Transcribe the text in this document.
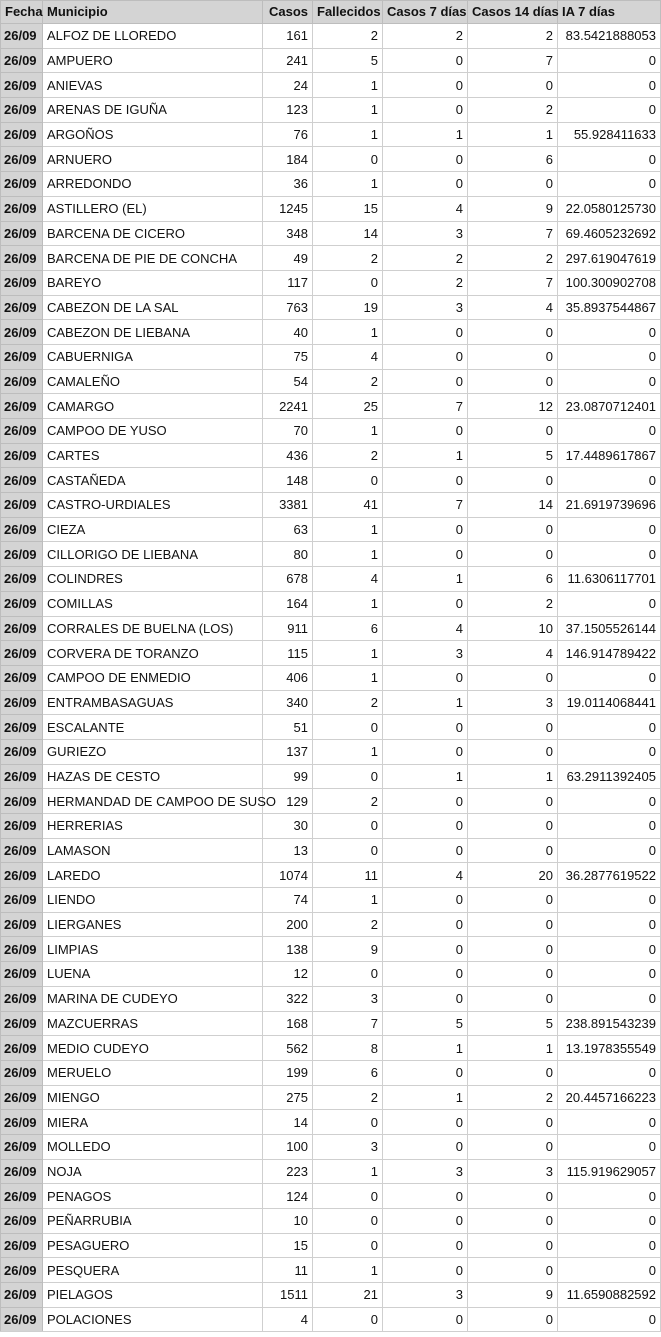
Fecha	Municipio	Casos	Fallecidos	Casos 7 días	Casos 14 días	IA 7 días
26/09	ALFOZ DE LLOREDO	161	2	2	2	83.5421888053
26/09	AMPUERO	241	5	0	7	0
26/09	ANIEVAS	24	1	0	0	0
26/09	ARENAS DE IGUÑA	123	1	0	2	0
26/09	ARGOÑOS	76	1	1	1	55.928411633
26/09	ARNUERO	184	0	0	6	0
26/09	ARREDONDO	36	1	0	0	0
26/09	ASTILLERO (EL)	1245	15	4	9	22.0580125730
26/09	BARCENA DE CICERO	348	14	3	7	69.4605232692
26/09	BARCENA DE PIE DE CONCHA	49	2	2	2	297.619047619
26/09	BAREYO	117	0	2	7	100.300902708
26/09	CABEZON DE LA SAL	763	19	3	4	35.8937544867
26/09	CABEZON DE LIEBANA	40	1	0	0	0
26/09	CABUERNIGA	75	4	0	0	0
26/09	CAMALEÑO	54	2	0	0	0
26/09	CAMARGO	2241	25	7	12	23.0870712401
26/09	CAMPOO DE YUSO	70	1	0	0	0
26/09	CARTES	436	2	1	5	17.4489617867
26/09	CASTAÑEDA	148	0	0	0	0
26/09	CASTRO-URDIALES	3381	41	7	14	21.6919739696
26/09	CIEZA	63	1	0	0	0
26/09	CILLORIGO DE LIEBANA	80	1	0	0	0
26/09	COLINDRES	678	4	1	6	11.6306117701
26/09	COMILLAS	164	1	0	2	0
26/09	CORRALES DE BUELNA (LOS)	911	6	4	10	37.1505526144
26/09	CORVERA DE TORANZO	115	1	3	4	146.914789422
26/09	CAMPOO DE ENMEDIO	406	1	0	0	0
26/09	ENTRAMBASAGUAS	340	2	1	3	19.0114068441
26/09	ESCALANTE	51	0	0	0	0
26/09	GURIEZO	137	1	0	0	0
26/09	HAZAS DE CESTO	99	0	1	1	63.2911392405
26/09	HERMANDAD DE CAMPOO DE SUSO	129	2	0	0	0
26/09	HERRERIAS	30	0	0	0	0
26/09	LAMASON	13	0	0	0	0
26/09	LAREDO	1074	11	4	20	36.2877619522
26/09	LIENDO	74	1	0	0	0
26/09	LIERGANES	200	2	0	0	0
26/09	LIMPIAS	138	9	0	0	0
26/09	LUENA	12	0	0	0	0
26/09	MARINA DE CUDEYO	322	3	0	0	0
26/09	MAZCUERRAS	168	7	5	5	238.891543239
26/09	MEDIO CUDEYO	562	8	1	1	13.1978355549
26/09	MERUELO	199	6	0	0	0
26/09	MIENGO	275	2	1	2	20.4457166223
26/09	MIERA	14	0	0	0	0
26/09	MOLLEDO	100	3	0	0	0
26/09	NOJA	223	1	3	3	115.919629057
26/09	PENAGOS	124	0	0	0	0
26/09	PEÑARRUBIA	10	0	0	0	0
26/09	PESAGUERO	15	0	0	0	0
26/09	PESQUERA	11	1	0	0	0
26/09	PIELAGOS	1511	21	3	9	11.6590882592
26/09	POLACIONES	4	0	0	0	0
